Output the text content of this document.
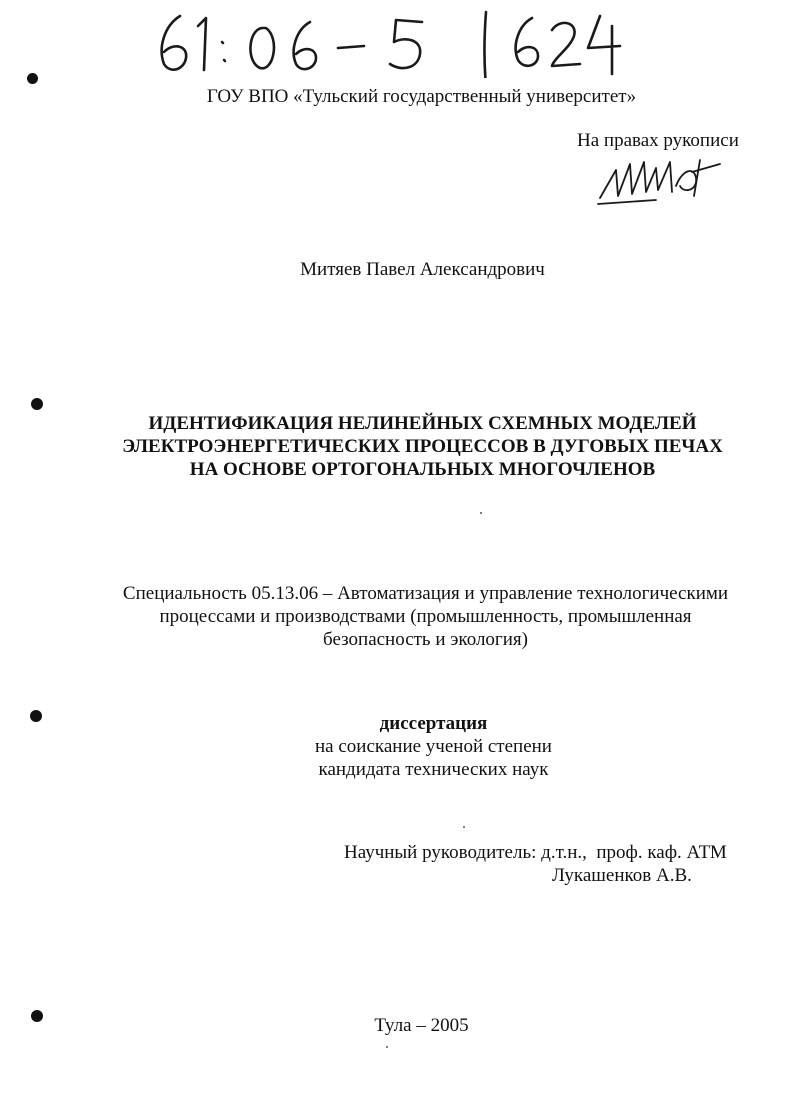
ГОУ ВПО «Тульский государственный университет»
На правах рукописи
Митяев Павел Александрович
ИДЕНТИФИКАЦИЯ НЕЛИНЕЙНЫХ СХЕМНЫХ МОДЕЛЕЙ
ЭЛЕКТРОЭНЕРГЕТИЧЕСКИХ ПРОЦЕССОВ В ДУГОВЫХ ПЕЧАХ
НА ОСНОВЕ ОРТОГОНАЛЬНЫХ МНОГОЧЛЕНОВ
Специальность 05.13.06 – Автоматизация и управление технологическими
процессами и производствами (промышленность, промышленная
безопасность и экология)
диссертация
на соискание ученой степени
кандидата технических наук
Научный руководитель: д.т.н.,  проф. каф. АТМ
Лукашенков А.В.
Тула – 2005
